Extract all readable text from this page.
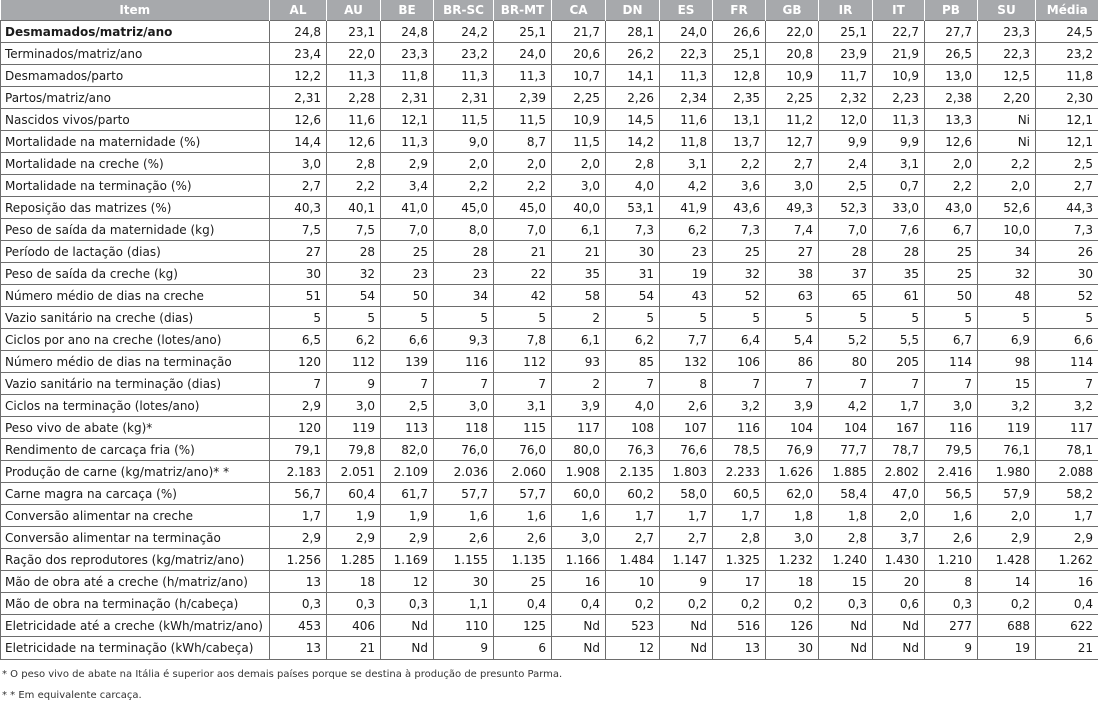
Item	AL	AU	BE	BR-SC	BR-MT	CA	DN	ES	FR	GB	IR	IT	PB	SU	Média
Desmamados/matriz/ano	24,8	23,1	24,8	24,2	25,1	21,7	28,1	24,0	26,6	22,0	25,1	22,7	27,7	23,3	24,5
Terminados/matriz/ano	23,4	22,0	23,3	23,2	24,0	20,6	26,2	22,3	25,1	20,8	23,9	21,9	26,5	22,3	23,2
Desmamados/parto	12,2	11,3	11,8	11,3	11,3	10,7	14,1	11,3	12,8	10,9	11,7	10,9	13,0	12,5	11,8
Partos/matriz/ano	2,31	2,28	2,31	2,31	2,39	2,25	2,26	2,34	2,35	2,25	2,32	2,23	2,38	2,20	2,30
Nascidos vivos/parto	12,6	11,6	12,1	11,5	11,5	10,9	14,5	11,6	13,1	11,2	12,0	11,3	13,3	Ni	12,1
Mortalidade na maternidade (%)	14,4	12,6	11,3	9,0	8,7	11,5	14,2	11,8	13,7	12,7	9,9	9,9	12,6	Ni	12,1
Mortalidade na creche (%)	3,0	2,8	2,9	2,0	2,0	2,0	2,8	3,1	2,2	2,7	2,4	3,1	2,0	2,2	2,5
Mortalidade na terminação (%)	2,7	2,2	3,4	2,2	2,2	3,0	4,0	4,2	3,6	3,0	2,5	0,7	2,2	2,0	2,7
Reposição das matrizes (%)	40,3	40,1	41,0	45,0	45,0	40,0	53,1	41,9	43,6	49,3	52,3	33,0	43,0	52,6	44,3
Peso de saída da maternidade (kg)	7,5	7,5	7,0	8,0	7,0	6,1	7,3	6,2	7,3	7,4	7,0	7,6	6,7	10,0	7,3
Período de lactação (dias)	27	28	25	28	21	21	30	23	25	27	28	28	25	34	26
Peso de saída da creche (kg)	30	32	23	23	22	35	31	19	32	38	37	35	25	32	30
Número médio de dias na creche	51	54	50	34	42	58	54	43	52	63	65	61	50	48	52
Vazio sanitário na creche (dias)	5	5	5	5	5	2	5	5	5	5	5	5	5	5	5
Ciclos por ano na creche (lotes/ano)	6,5	6,2	6,6	9,3	7,8	6,1	6,2	7,7	6,4	5,4	5,2	5,5	6,7	6,9	6,6
Número médio de dias na terminação	120	112	139	116	112	93	85	132	106	86	80	205	114	98	114
Vazio sanitário na terminação (dias)	7	9	7	7	7	2	7	8	7	7	7	7	7	15	7
Ciclos na terminação (lotes/ano)	2,9	3,0	2,5	3,0	3,1	3,9	4,0	2,6	3,2	3,9	4,2	1,7	3,0	3,2	3,2
Peso vivo de abate (kg)*	120	119	113	118	115	117	108	107	116	104	104	167	116	119	117
Rendimento de carcaça fria (%)	79,1	79,8	82,0	76,0	76,0	80,0	76,3	76,6	78,5	76,9	77,7	78,7	79,5	76,1	78,1
Produção de carne (kg/matriz/ano)* *	2.183	2.051	2.109	2.036	2.060	1.908	2.135	1.803	2.233	1.626	1.885	2.802	2.416	1.980	2.088
Carne magra na carcaça (%)	56,7	60,4	61,7	57,7	57,7	60,0	60,2	58,0	60,5	62,0	58,4	47,0	56,5	57,9	58,2
Conversão alimentar na creche	1,7	1,9	1,9	1,6	1,6	1,6	1,7	1,7	1,7	1,8	1,8	2,0	1,6	2,0	1,7
Conversão alimentar na terminação	2,9	2,9	2,9	2,6	2,6	3,0	2,7	2,7	2,8	3,0	2,8	3,7	2,6	2,9	2,9
Ração dos reprodutores (kg/matriz/ano)	1.256	1.285	1.169	1.155	1.135	1.166	1.484	1.147	1.325	1.232	1.240	1.430	1.210	1.428	1.262
Mão de obra até a creche (h/matriz/ano)	13	18	12	30	25	16	10	9	17	18	15	20	8	14	16
Mão de obra na terminação (h/cabeça)	0,3	0,3	0,3	1,1	0,4	0,4	0,2	0,2	0,2	0,2	0,3	0,6	0,3	0,2	0,4
Eletricidade até a creche (kWh/matriz/ano)	453	406	Nd	110	125	Nd	523	Nd	516	126	Nd	Nd	277	688	622
Eletricidade na terminação (kWh/cabeça)	13	21	Nd	9	6	Nd	12	Nd	13	30	Nd	Nd	9	19	21
* O peso vivo de abate na Itália é superior aos demais países porque se destina à produção de presunto Parma.
* * Em equivalente carcaça.
